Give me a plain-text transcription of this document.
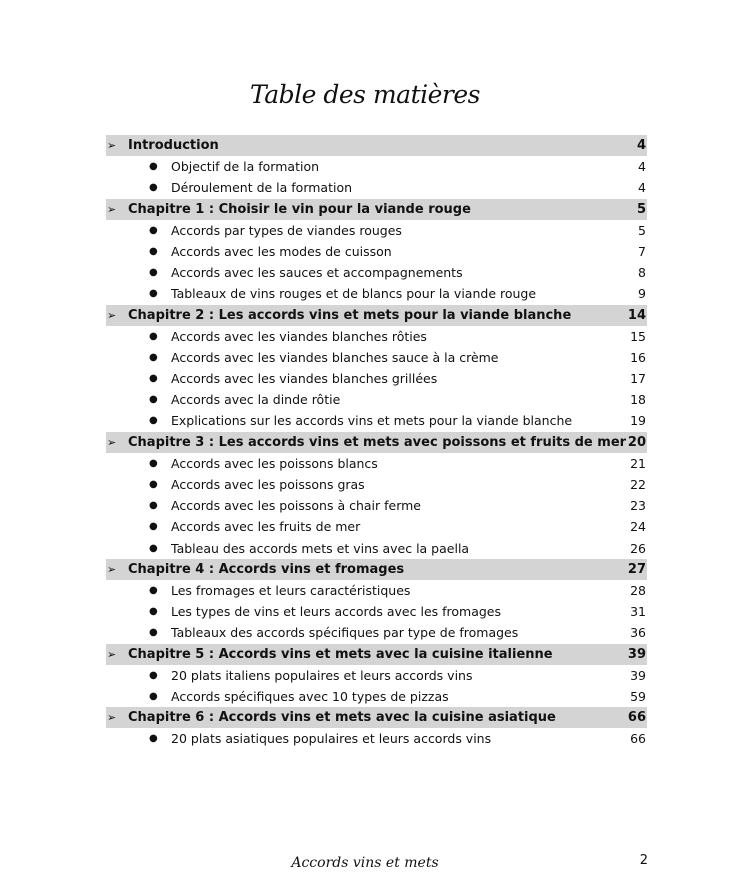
Table des matières
➢ Introduction	4
● Objectif de la formation	4
● Déroulement de la formation	4
➢ Chapitre 1 : Choisir le vin pour la viande rouge	5
● Accords par types de viandes rouges	5
● Accords avec les modes de cuisson	7
● Accords avec les sauces et accompagnements	8
● Tableaux de vins rouges et de blancs pour la viande rouge	9
➢ Chapitre 2 : Les accords vins et mets pour la viande blanche	14
● Accords avec les viandes blanches rôties	15
● Accords avec les viandes blanches sauce à la crème	16
● Accords avec les viandes blanches grillées	17
● Accords avec la dinde rôtie	18
● Explications sur les accords vins et mets pour la viande blanche	19
➢ Chapitre 3 : Les accords vins et mets avec poissons et fruits de mer 20
● Accords avec les poissons blancs	21
● Accords avec les poissons gras	22
● Accords avec les poissons à chair ferme	23
● Accords avec les fruits de mer	24
● Tableau des accords mets et vins avec la paella	26
➢ Chapitre 4 : Accords vins et fromages	27
● Les fromages et leurs caractéristiques	28
● Les types de vins et leurs accords avec les fromages	31
● Tableaux des accords spécifiques par type de fromages	36
➢ Chapitre 5 : Accords vins et mets avec la cuisine italienne	39
● 20 plats italiens populaires et leurs accords vins	39
● Accords spécifiques avec 10 types de pizzas	59
➢ Chapitre 6 : Accords vins et mets avec la cuisine asiatique	66
● 20 plats asiatiques populaires et leurs accords vins	66
Accords vins et mets	2
